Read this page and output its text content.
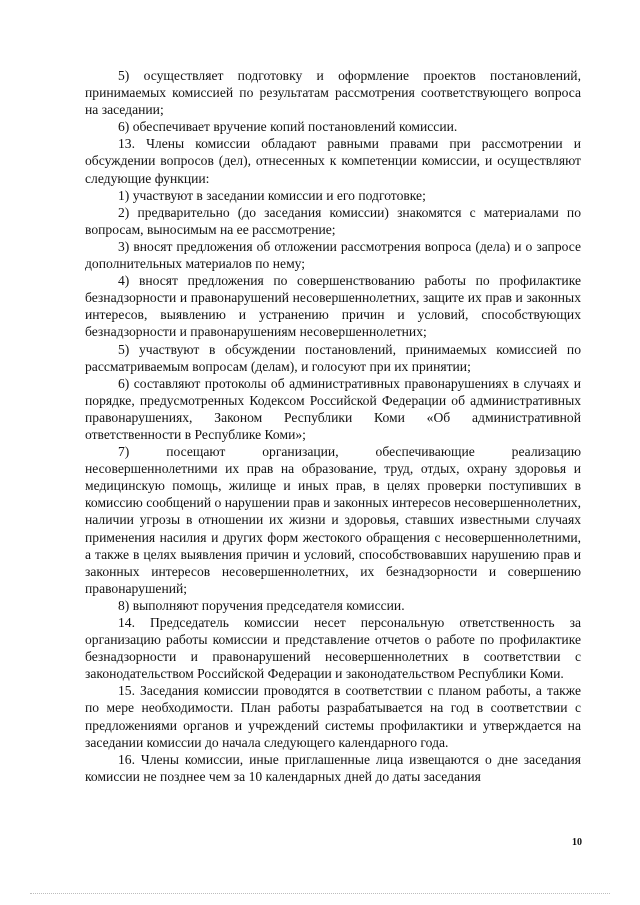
5) осуществляет подготовку и оформление проектов постановлений, принимаемых комиссией по результатам рассмотрения соответствующего вопроса на заседании;

6) обеспечивает вручение копий постановлений комиссии.

13. Члены комиссии обладают равными правами при рассмотрении и обсуждении вопросов (дел), отнесенных к компетенции комиссии, и осуществляют следующие функции:

1) участвуют в заседании комиссии и его подготовке;

2) предварительно (до заседания комиссии) знакомятся с материалами по вопросам, выносимым на ее рассмотрение;

3) вносят предложения об отложении рассмотрения вопроса (дела) и о запросе дополнительных материалов по нему;

4) вносят предложения по совершенствованию работы по профилактике безнадзорности и правонарушений несовершеннолетних, защите их прав и законных интересов, выявлению и устранению причин и условий, способствующих безнадзорности и правонарушениям несовершеннолетних;

5) участвуют в обсуждении постановлений, принимаемых комиссией по рассматриваемым вопросам (делам), и голосуют при их принятии;

6) составляют протоколы об административных правонарушениях в случаях и порядке, предусмотренных Кодексом Российской Федерации об административных правонарушениях, Законом Республики Коми «Об административной ответственности в Республике Коми»;

7) посещают организации, обеспечивающие реализацию несовершеннолетними их прав на образование, труд, отдых, охрану здоровья и медицинскую помощь, жилище и иных прав, в целях проверки поступивших в комиссию сообщений о нарушении прав и законных интересов несовершеннолетних, наличии угрозы в отношении их жизни и здоровья, ставших известными случаях применения насилия и других форм жестокого обращения с несовершеннолетними, а также в целях выявления причин и условий, способствовавших нарушению прав и законных интересов несовершеннолетних, их безнадзорности и совершению правонарушений;

8) выполняют поручения председателя комиссии.

14. Председатель комиссии несет персональную ответственность за организацию работы комиссии и представление отчетов о работе по профилактике безнадзорности и правонарушений несовершеннолетних в соответствии с законодательством Российской Федерации и законодательством Республики Коми.

15. Заседания комиссии проводятся в соответствии с планом работы, а также по мере необходимости. План работы разрабатывается на год в соответствии с предложениями органов и учреждений системы профилактики и утверждается на заседании комиссии до начала следующего календарного года.

16. Члены комиссии, иные приглашенные лица извещаются о дне заседания комиссии не позднее чем за 10 календарных дней до даты заседания

10
